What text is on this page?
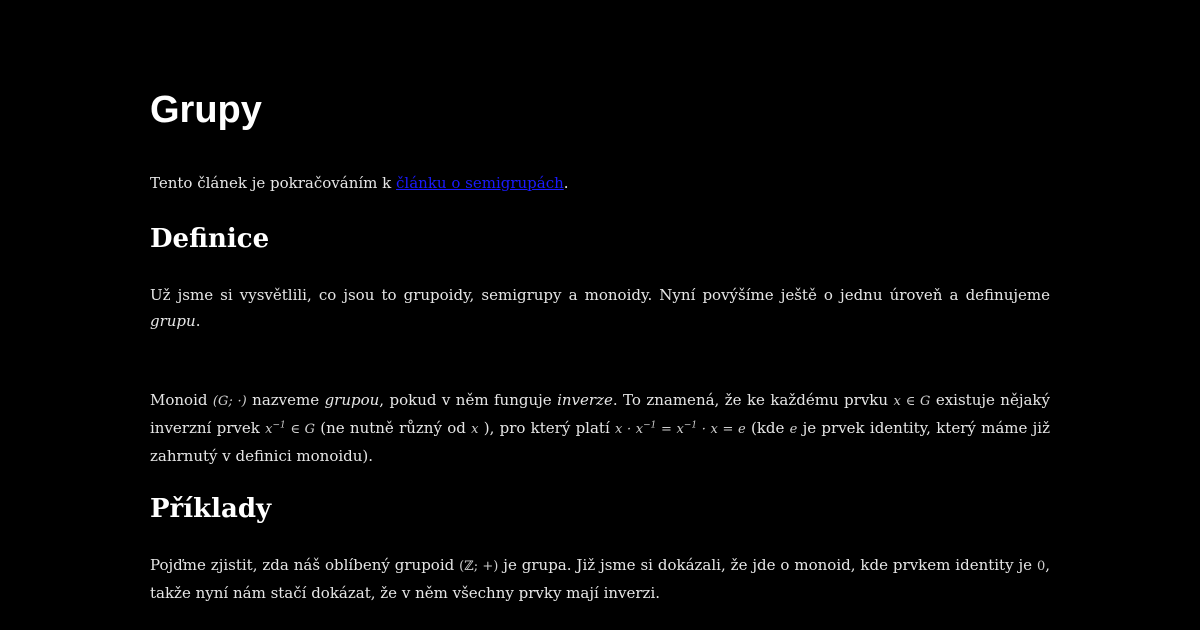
Grupy

Tento článek je pokračováním k článku o semigrupách.

Definice

Už jsme si vysvětlili, co jsou to grupoidy, semigrupy a monoidy. Nyní povýšíme ještě o jednu úroveň a definujeme grupu.

Monoid (G; ·) nazveme grupou, pokud v něm funguje inverze. To znamená, že ke každému prvku x ∈ G existuje nějaký inverzní prvek $x^{-1}$ ∈ G (ne nutně různý od x ), pro který platí $x \cdot x^{-1} = x^{-1} \cdot x = e$ (kde e je prvek identity, který máme již zahrnutý v definici monoidu).

Příklady

Pojďme zjistit, zda náš oblíbený grupoid (ℤ; +) je grupa. Již jsme si dokázali, že jde o monoid, kde prvkem identity je 0, takže nyní nám stačí dokázat, že v něm všechny prvky mají inverzi.
